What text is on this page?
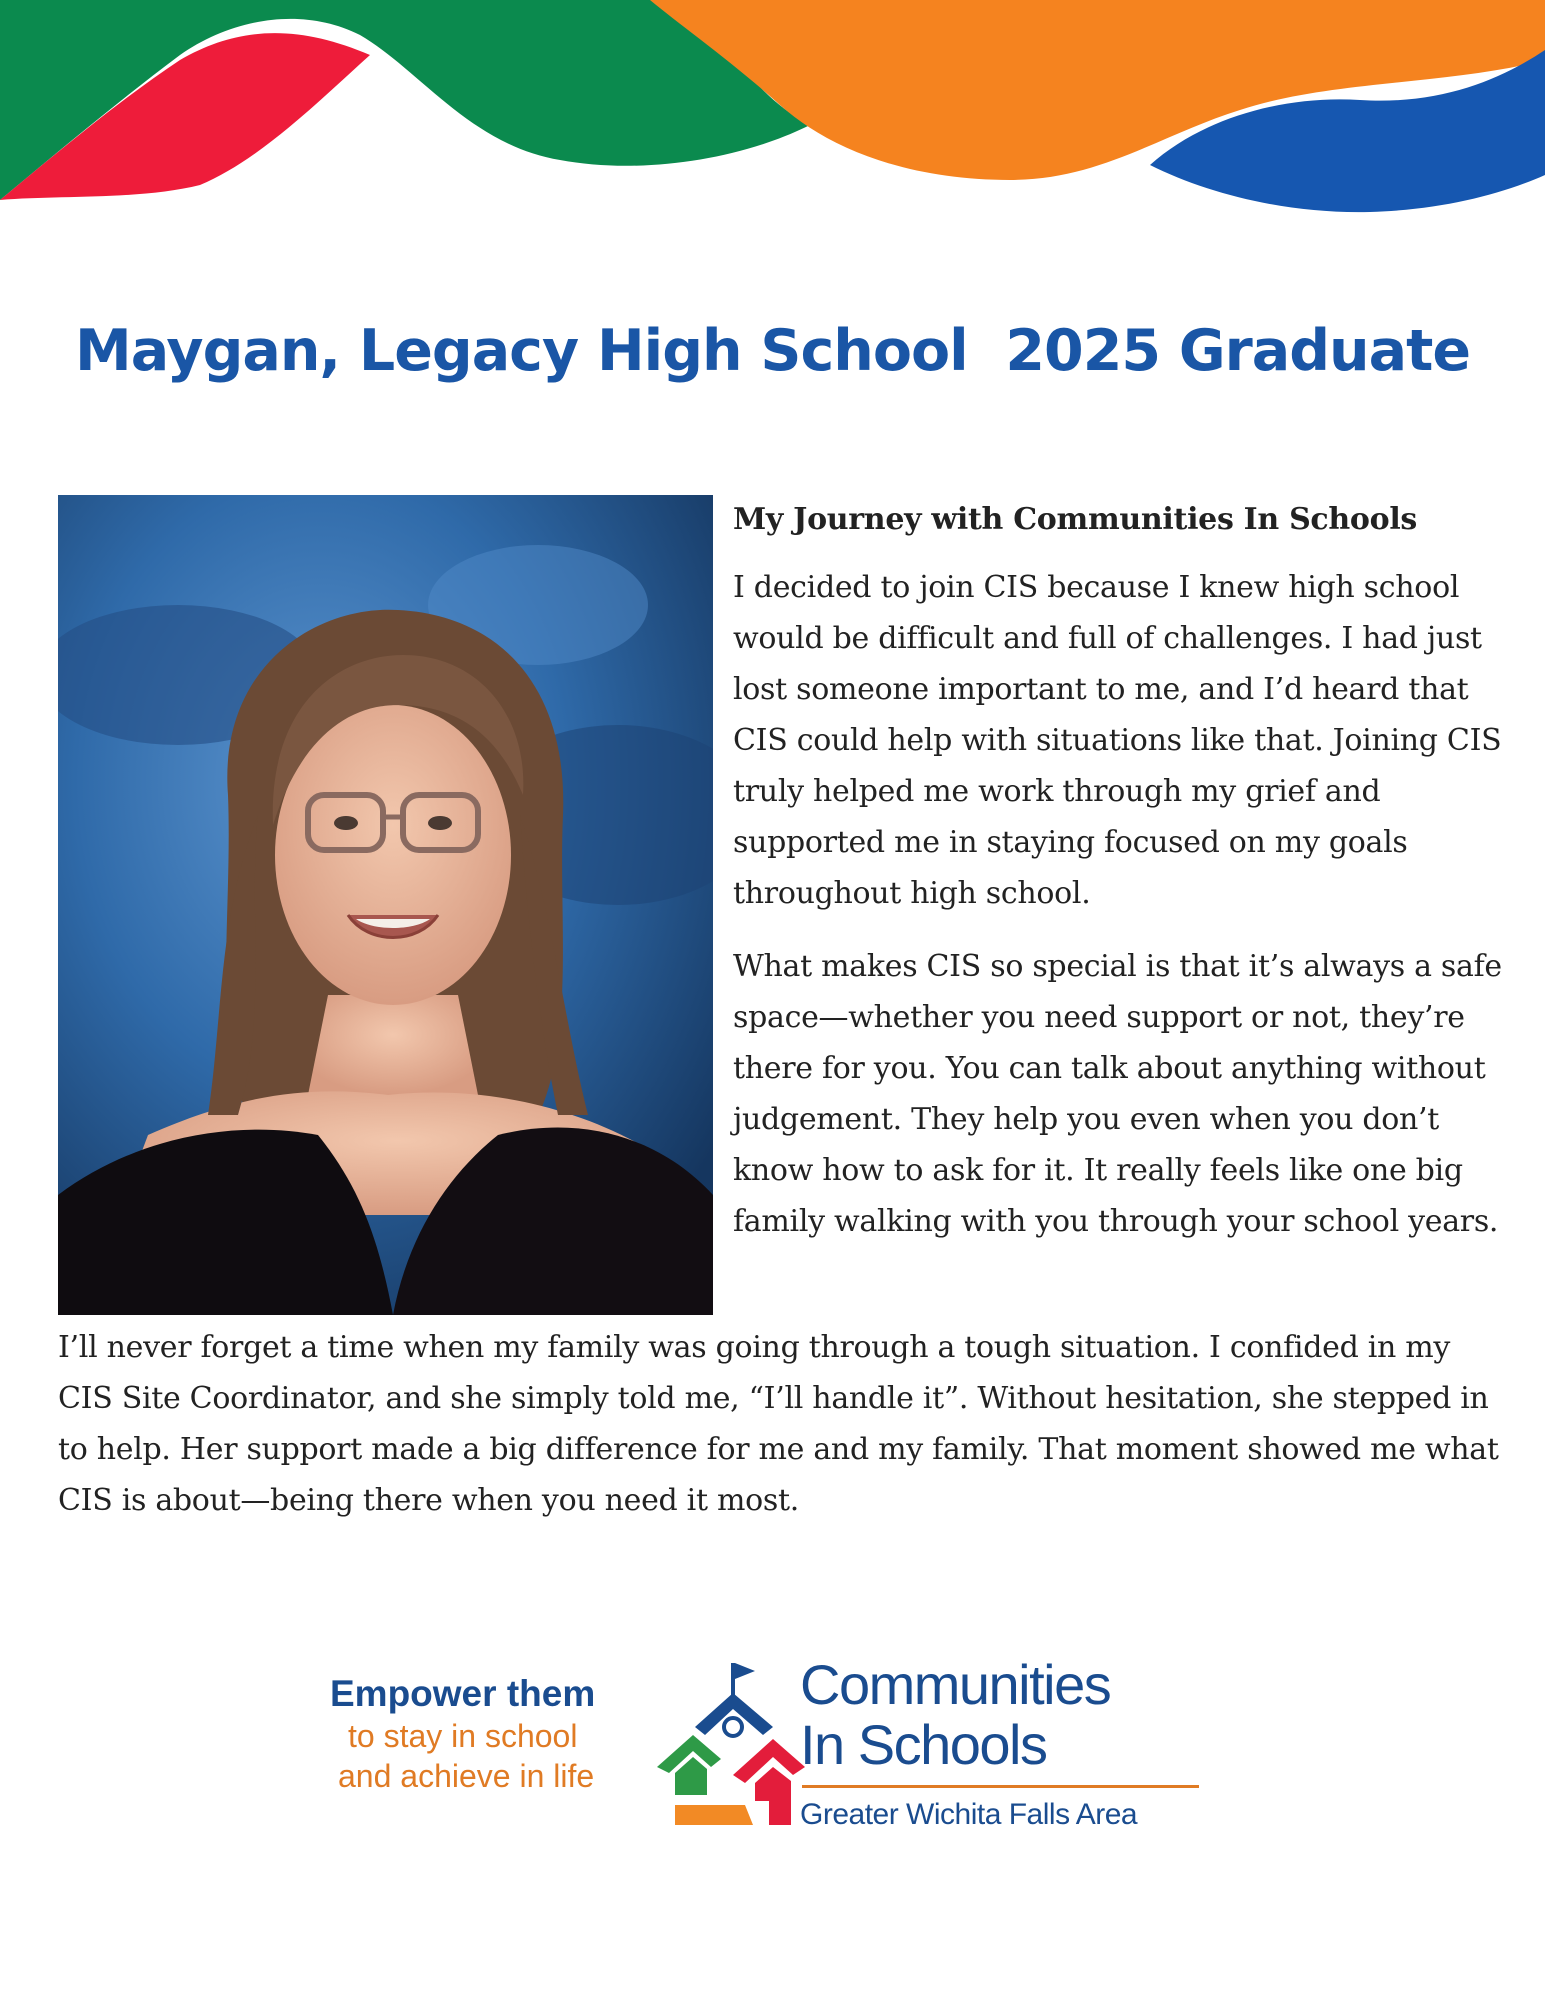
Maygan, Legacy High School  2025 Graduate
My Journey with Communities In Schools

I decided to join CIS because I knew high school would be difficult and full of challenges. I had just lost someone important to me, and I’d heard that CIS could help with situations like that. Joining CIS truly helped me work through my grief and supported me in staying focused on my goals throughout high school.

What makes CIS so special is that it’s always a safe space—whether you need support or not, they’re there for you. You can talk about anything without judgement. They help you even when you don’t know how to ask for it. It really feels like one big family walking with you through your school years.

I’ll never forget a time when my family was going through a tough situation. I confided in my CIS Site Coordinator, and she simply told me, “I’ll handle it”. Without hesitation, she stepped in to help. Her support made a big difference for me and my family. That moment showed me what CIS is about—being there when you need it most.

Empower them
to stay in school
and achieve in life
Communities
In Schools
Greater Wichita Falls Area
